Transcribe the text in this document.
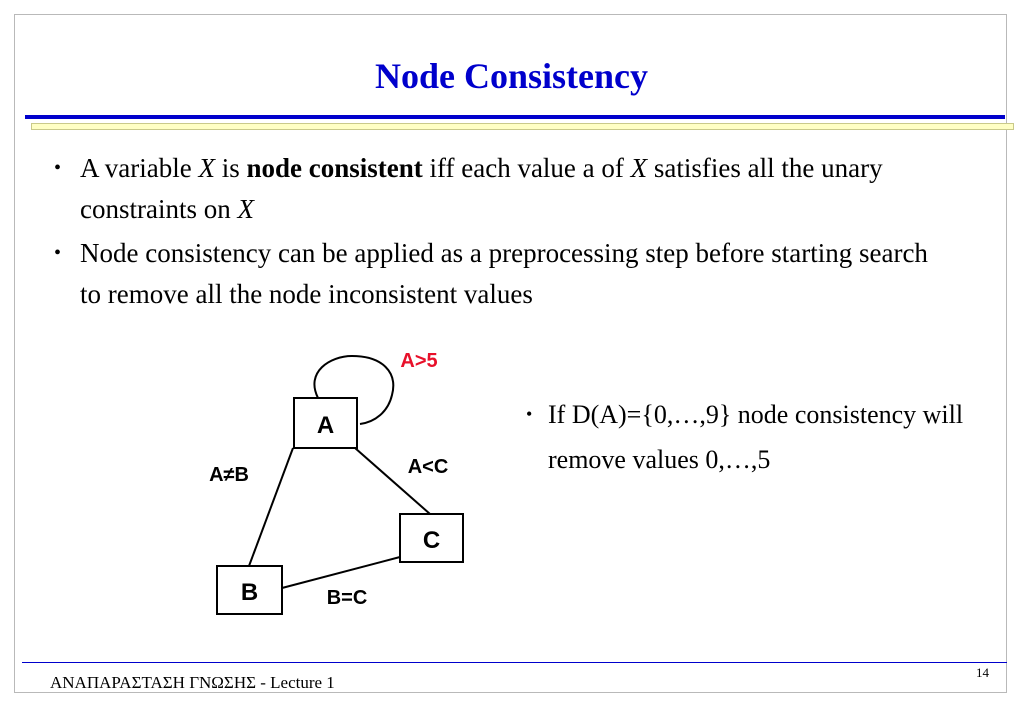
Node Consistency
• A variable X is node consistent iff each value a of X satisfies all the unary constraints on X
• Node consistency can be applied as a preprocessing step before starting search to remove all the node inconsistent values
A
C
B
A>5
A≠B	A<C
B=C
• If D(A)={0,…,9} node consistency will remove values 0,…,5
ΑΝΑΠΑΡΑΣΤΑΣΗ ΓΝΩΣΗΣ - Lecture 1
14
